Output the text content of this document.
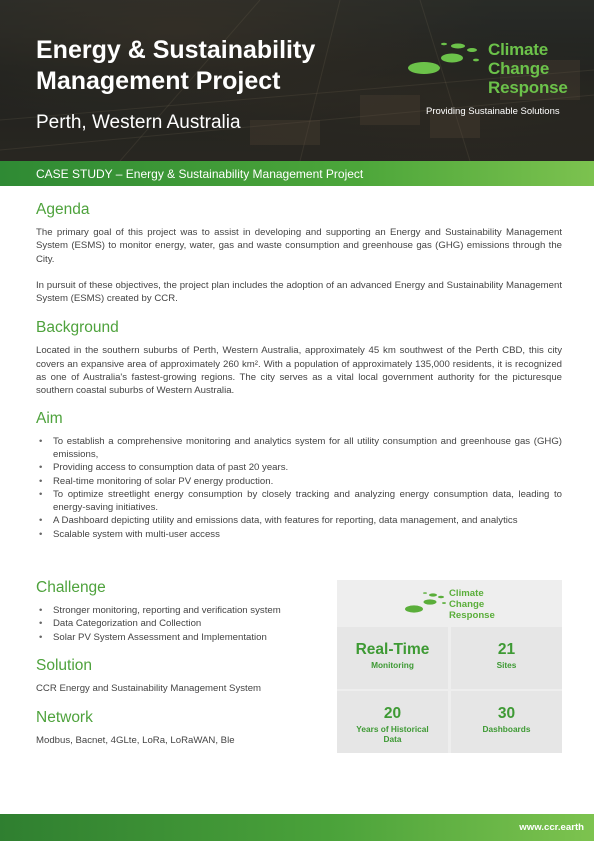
Energy & Sustainability Management Project
Perth, Western Australia
Climate
Change
Response
Providing Sustainable Solutions
CASE STUDY – Energy & Sustainability Management Project
Agenda

The primary goal of this project was to assist in developing and supporting an Energy and Sustainability Management System (ESMS) to monitor energy, water, gas and waste consumption and greenhouse gas (GHG) emissions through the City.

In pursuit of these objectives, the project plan includes the adoption of an advanced Energy and Sustainability Management System (ESMS) created by CCR.

Background

Located in the southern suburbs of Perth, Western Australia, approximately 45 km southwest of the Perth CBD, this city covers an expansive area of approximately 260 km². With a population of approximately 135,000 residents, it is recognized as one of Australia's fastest-growing regions. The city serves as a vital local government authority for the picturesque southern coastal suburbs of Western Australia.

Aim
• To establish a comprehensive monitoring and analytics system for all utility consumption and greenhouse gas (GHG) emissions,
• Providing access to consumption data of past 20 years.
• Real-time monitoring of solar PV energy production.
• To optimize streetlight energy consumption by closely tracking and analyzing energy consumption data, leading to energy-saving initiatives.
• A Dashboard depicting utility and emissions data, with features for reporting, data management, and analytics
• Scalable system with multi-user access
Challenge
• Stronger monitoring, reporting and verification system
• Data Categorization and Collection
• Solar PV System Assessment and Implementation
Solution

CCR Energy and Sustainability Management System

Network

Modbus, Bacnet, 4GLte, LoRa, LoRaWAN, Ble

Climate
Change
Response
Real-Time
Monitoring
21
Sites
20
Years of Historical Data
30
Dashboards
www.ccr.earth
